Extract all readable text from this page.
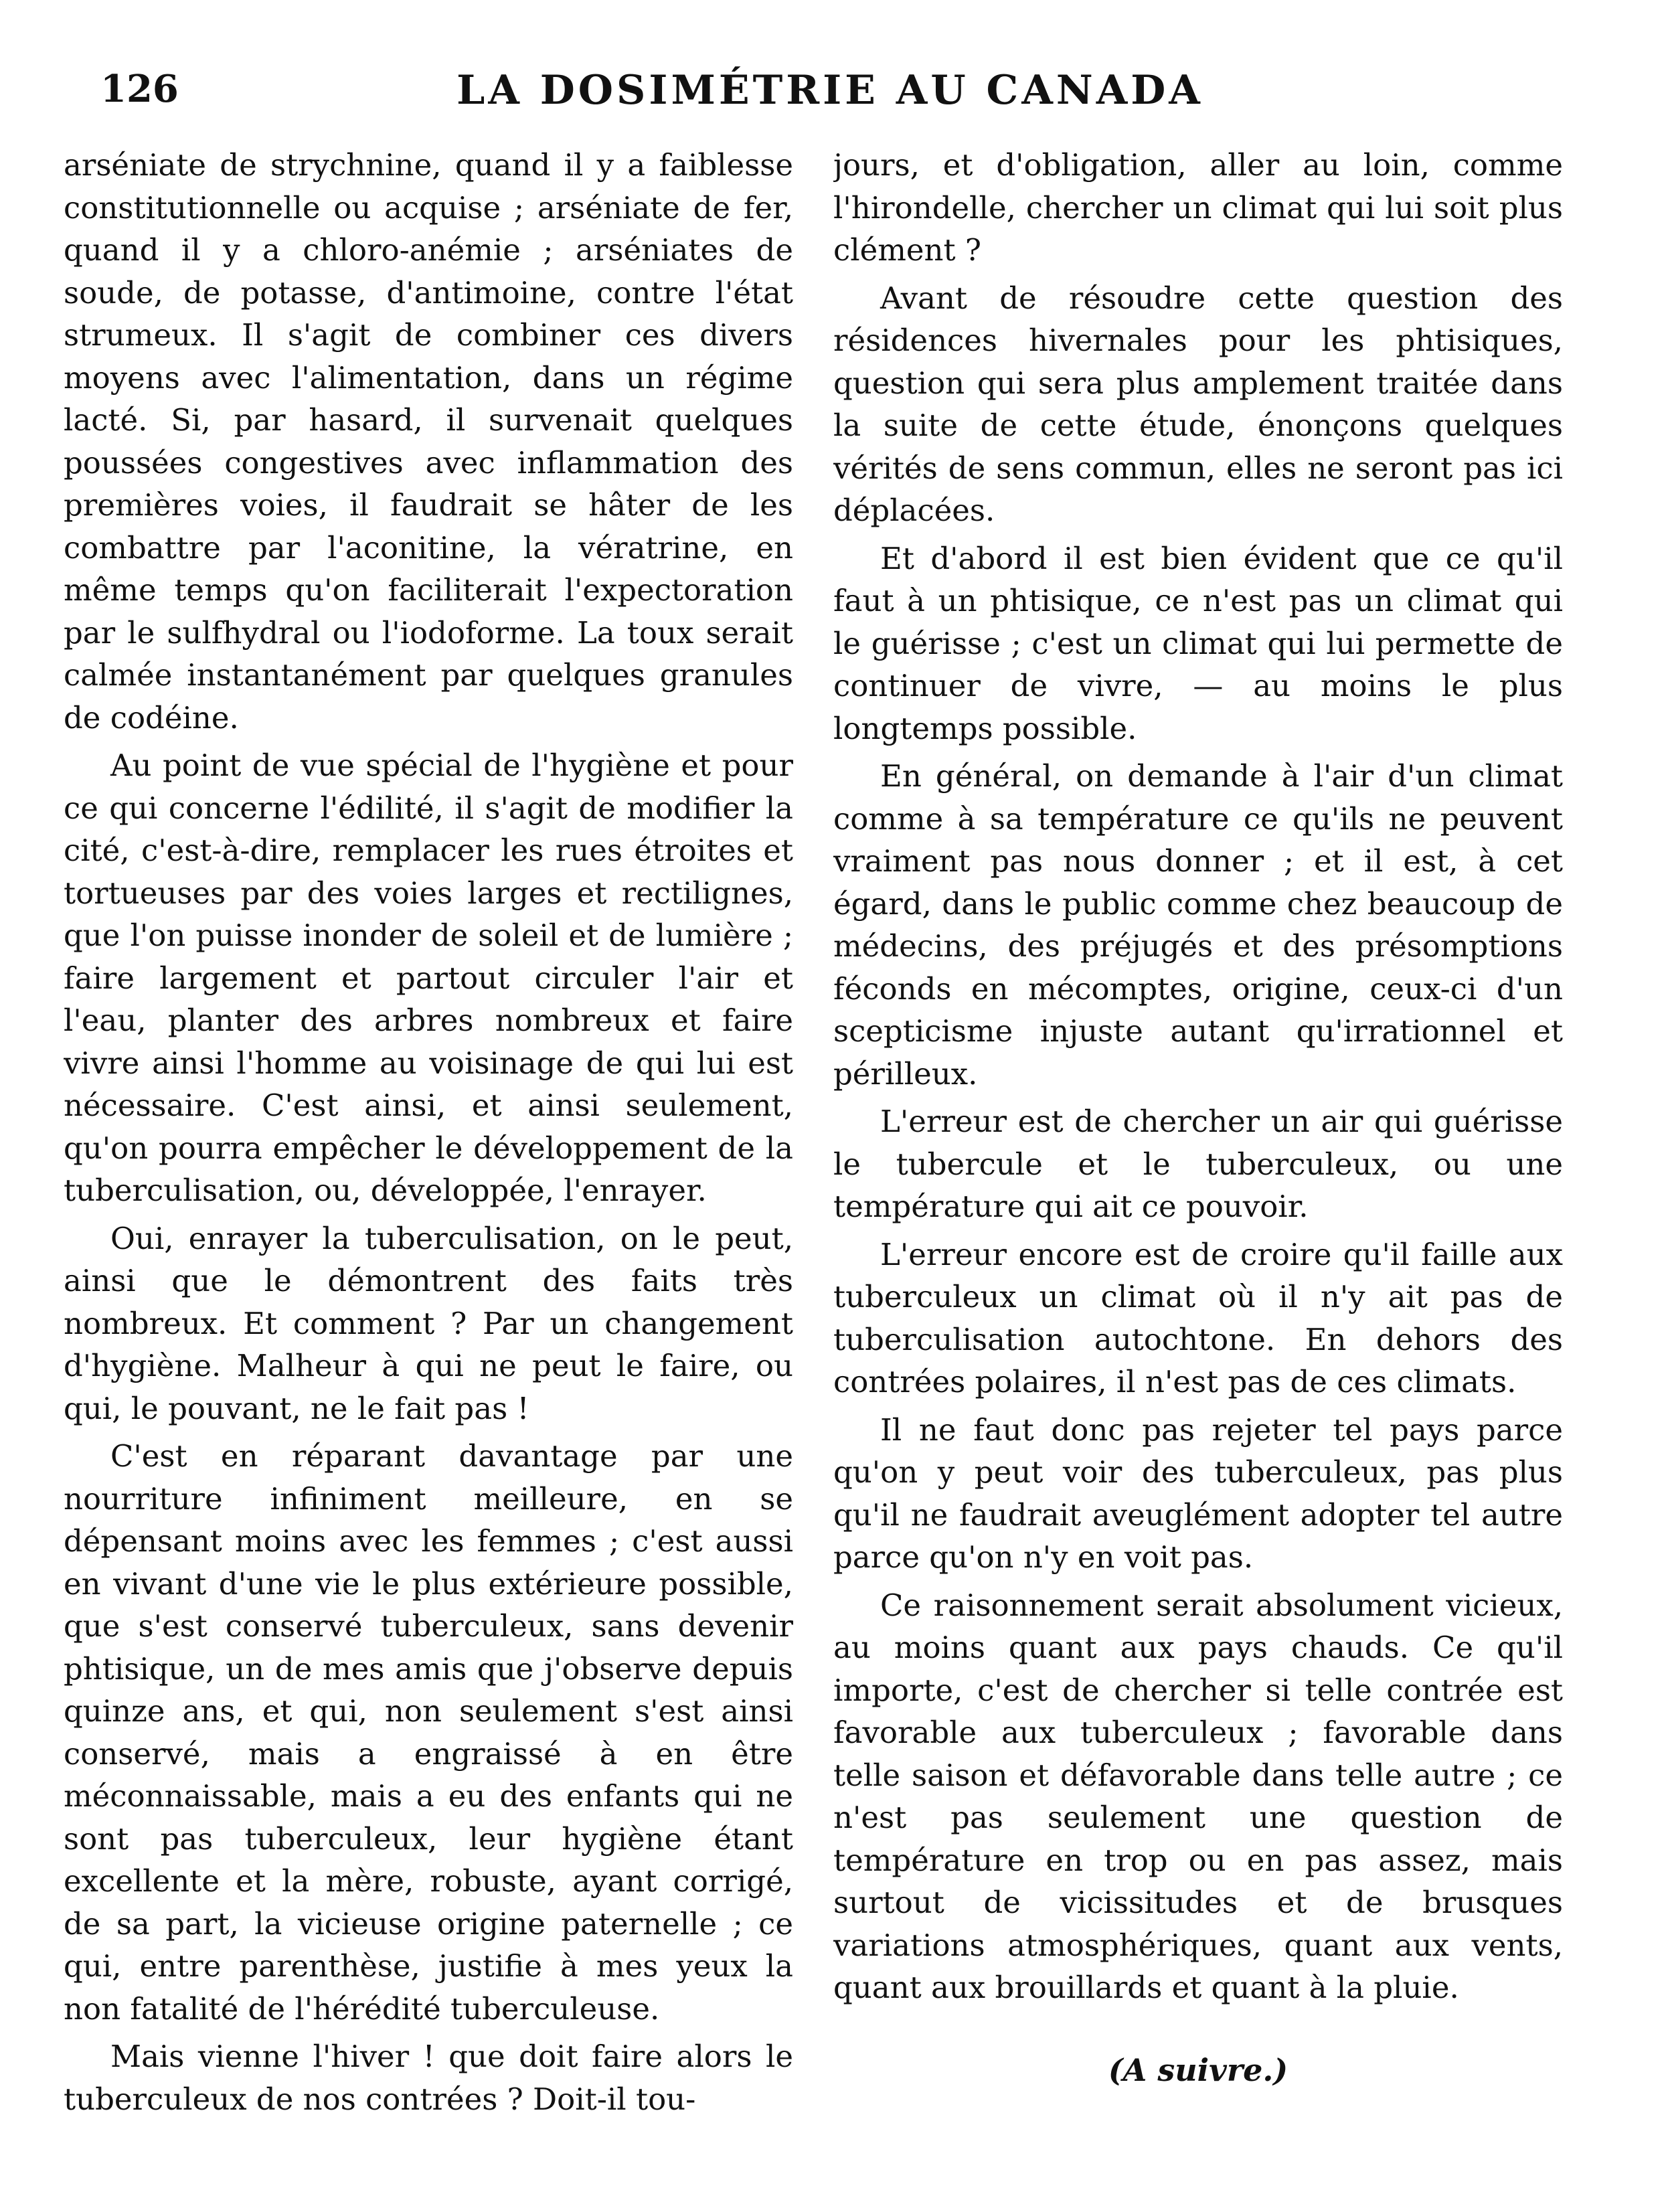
126	LA DOSIMÉTRIE AU CANADA

arséniate de strychnine, quand il y a faiblesse constitutionnelle ou acquise ; arséniate de fer, quand il y a chloro-anémie ; arséniates de soude, de potasse, d'antimoine, contre l'état strumeux. Il s'agit de combiner ces divers moyens avec l'alimentation, dans un régime lacté. Si, par hasard, il survenait quelques poussées congestives avec inflammation des premières voies, il faudrait se hâter de les combattre par l'aconitine, la vératrine, en même temps qu'on faciliterait l'expectoration par le sulfhydral ou l'iodoforme. La toux serait calmée instantanément par quelques granules de codéine.

Au point de vue spécial de l'hygiène et pour ce qui concerne l'édilité, il s'agit de modifier la cité, c'est-à-dire, remplacer les rues étroites et tortueuses par des voies larges et rectilignes, que l'on puisse inonder de soleil et de lumière ; faire largement et partout circuler l'air et l'eau, planter des arbres nombreux et faire vivre ainsi l'homme au voisinage de qui lui est nécessaire. C'est ainsi, et ainsi seulement, qu'on pourra empêcher le développement de la tuberculisation, ou, développée, l'enrayer.

Oui, enrayer la tuberculisation, on le peut, ainsi que le démontrent des faits très nombreux. Et comment ? Par un changement d'hygiène. Malheur à qui ne peut le faire, ou qui, le pouvant, ne le fait pas !

C'est en réparant davantage par une nourriture infiniment meilleure, en se dépensant moins avec les femmes ; c'est aussi en vivant d'une vie le plus extérieure possible, que s'est conservé tuberculeux, sans devenir phtisique, un de mes amis que j'observe depuis quinze ans, et qui, non seulement s'est ainsi conservé, mais a engraissé à en être méconnaissable, mais a eu des enfants qui ne sont pas tuberculeux, leur hygiène étant excellente et la mère, robuste, ayant corrigé, de sa part, la vicieuse origine paternelle ; ce qui, entre parenthèse, justifie à mes yeux la non fatalité de l'hérédité tuberculeuse.

Mais vienne l'hiver ! que doit faire alors le tuberculeux de nos contrées ? Doit-il tou-

jours, et d'obligation, aller au loin, comme l'hirondelle, chercher un climat qui lui soit plus clément ?

Avant de résoudre cette question des résidences hivernales pour les phtisiques, question qui sera plus amplement traitée dans la suite de cette étude, énonçons quelques vérités de sens commun, elles ne seront pas ici déplacées.

Et d'abord il est bien évident que ce qu'il faut à un phtisique, ce n'est pas un climat qui le guérisse ; c'est un climat qui lui permette de continuer de vivre, — au moins le plus longtemps possible.

En général, on demande à l'air d'un climat comme à sa température ce qu'ils ne peuvent vraiment pas nous donner ; et il est, à cet égard, dans le public comme chez beaucoup de médecins, des préjugés et des présomptions féconds en mécomptes, origine, ceux-ci d'un scepticisme injuste autant qu'irrationnel et périlleux.

L'erreur est de chercher un air qui guérisse le tubercule et le tuberculeux, ou une température qui ait ce pouvoir.

L'erreur encore est de croire qu'il faille aux tuberculeux un climat où il n'y ait pas de tuberculisation autochtone. En dehors des contrées polaires, il n'est pas de ces climats.

Il ne faut donc pas rejeter tel pays parce qu'on y peut voir des tuberculeux, pas plus qu'il ne faudrait aveuglément adopter tel autre parce qu'on n'y en voit pas.

Ce raisonnement serait absolument vicieux, au moins quant aux pays chauds. Ce qu'il importe, c'est de chercher si telle contrée est favorable aux tuberculeux ; favorable dans telle saison et défavorable dans telle autre ; ce n'est pas seulement une question de température en trop ou en pas assez, mais surtout de vicissitudes et de brusques variations atmosphériques, quant aux vents, quant aux brouillards et quant à la pluie.

(A suivre.)
